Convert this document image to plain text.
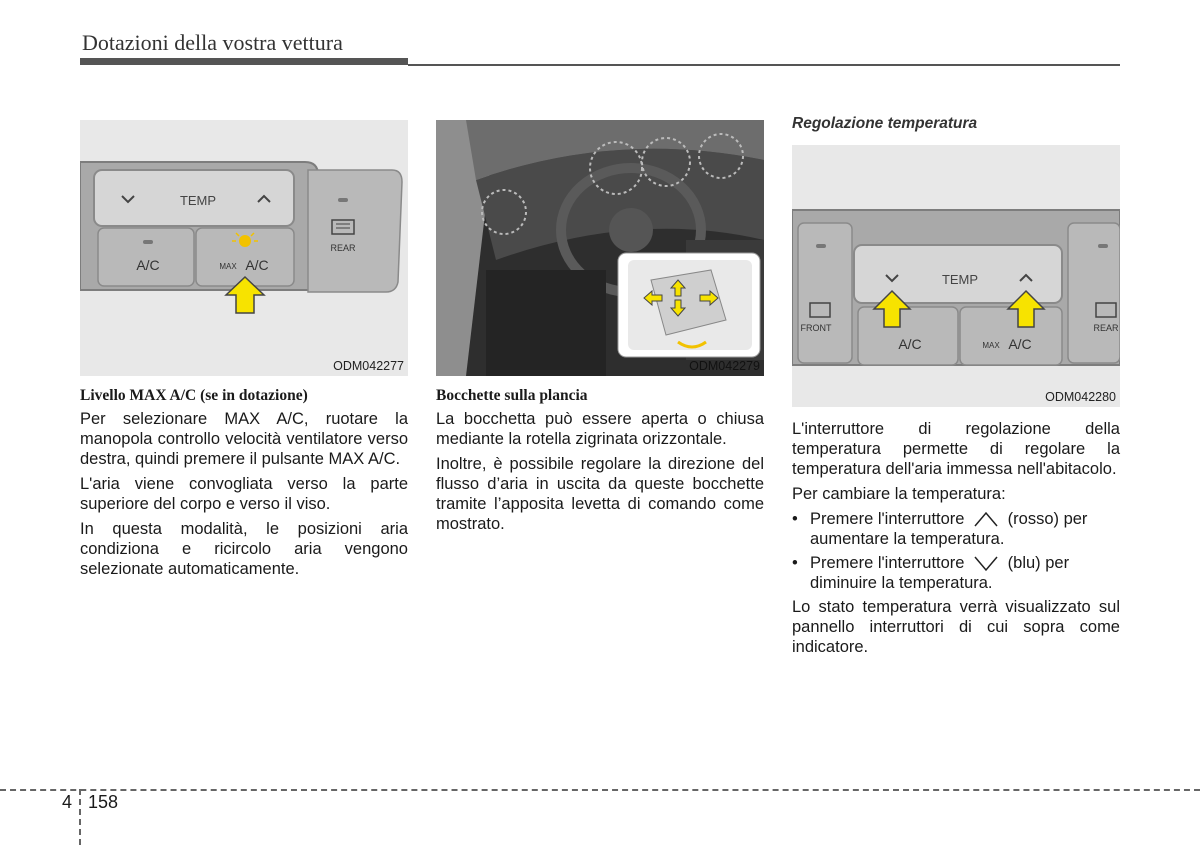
Dotazioni della vostra vettura
TEMP
A/C	MAX A/C
REAR
ODM042277
Livello MAX A/C (se in dotazione)

Per selezionare MAX A/C, ruotare la manopola controllo velocità ventilatore verso destra, quindi premere il pulsante MAX A/C.

L'aria viene convogliata verso la parte superiore del corpo e verso il viso.

In questa modalità, le posizioni aria condiziona e ricircolo aria vengono selezionate automaticamente.

ODM042279
Bocchette sulla plancia

La bocchetta può essere aperta o chiusa mediante la rotella zigrinata orizzontale.

Inoltre, è possibile regolare la direzione del flusso d’aria in uscita da queste bocchette tramite l’apposita levetta di comando come mostrato.

Regolazione temperatura
TEMP
FRONT
A/C	MAX A/C
REAR
ODM042280

L'interruttore di regolazione della temperatura permette di regolare la temperatura dell'aria immessa nell'abitacolo.

Per cambiare la temperatura:

• Premere l'interruttore	(rosso) per aumentare la temperatura.
• Premere l'interruttore	(blu) per diminuire la temperatura.

Lo stato temperatura verrà visualizzato sul pannello interruttori di cui sopra come indicatore.

4 158
